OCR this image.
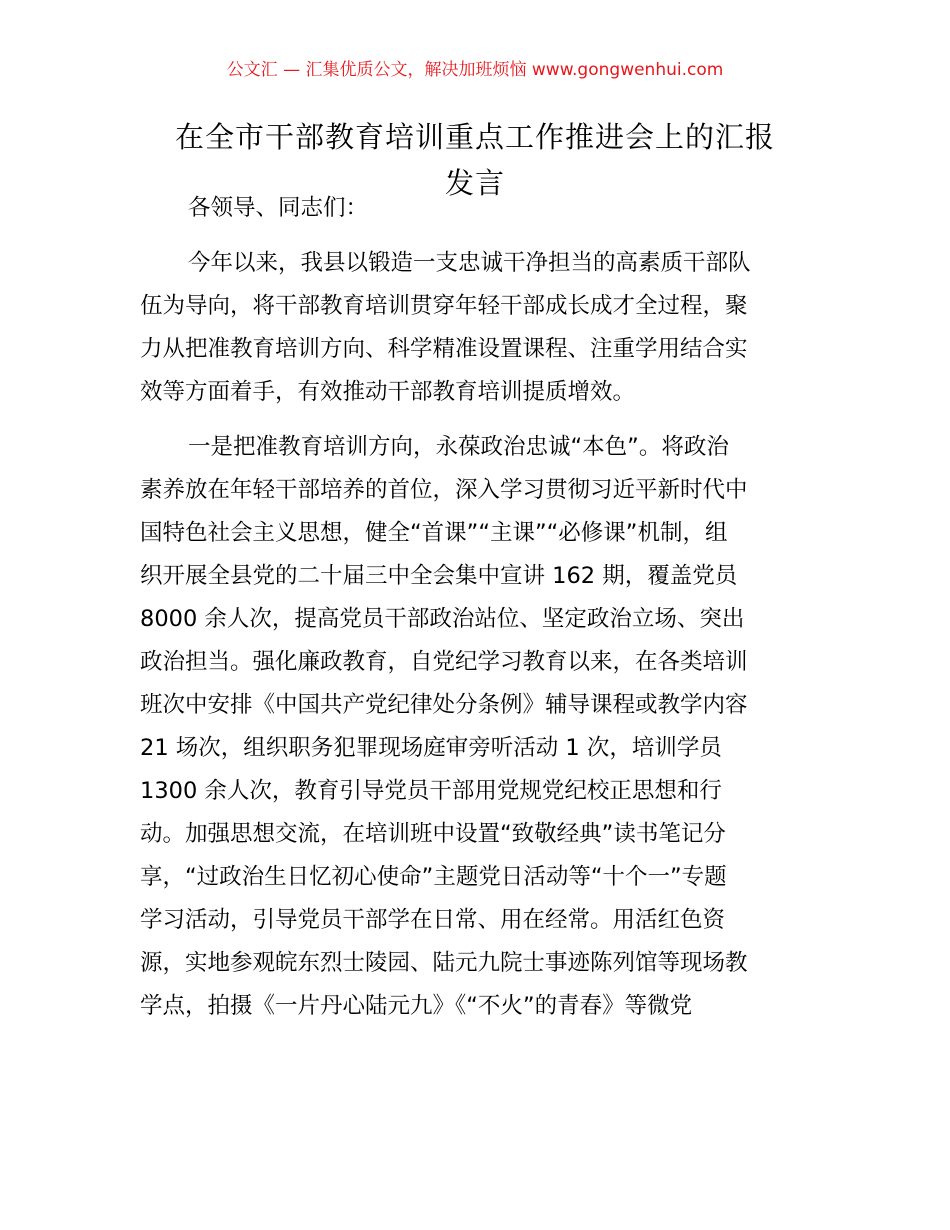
公文汇 — 汇集优质公文，解决加班烦恼 www.gongwenhui.com
在全市干部教育培训重点工作推进会上的汇报
发言
各领导、同志们：
今年以来，我县以锻造一支忠诚干净担当的高素质干部队
伍为导向，将干部教育培训贯穿年轻干部成长成才全过程，聚
力从把准教育培训方向、科学精准设置课程、注重学用结合实
效等方面着手，有效推动干部教育培训提质增效。
一是把准教育培训方向，永葆政治忠诚“本色”。将政治
素养放在年轻干部培养的首位，深入学习贯彻习近平新时代中
国特色社会主义思想，健全“首课”“主课”“必修课”机制，组
织开展全县党的二十届三中全会集中宣讲 162 期，覆盖党员
8000 余人次，提高党员干部政治站位、坚定政治立场、突出
政治担当。强化廉政教育，自党纪学习教育以来，在各类培训
班次中安排《中国共产党纪律处分条例》辅导课程或教学内容
21 场次，组织职务犯罪现场庭审旁听活动 1 次，培训学员
1300 余人次，教育引导党员干部用党规党纪校正思想和行
动。加强思想交流，在培训班中设置“致敬经典”读书笔记分
享，“过政治生日忆初心使命”主题党日活动等“十个一”专题
学习活动，引导党员干部学在日常、用在经常。用活红色资
源，实地参观皖东烈士陵园、陆元九院士事迹陈列馆等现场教
学点，拍摄《一片丹心陆元九》《“不火”的青春》等微党
